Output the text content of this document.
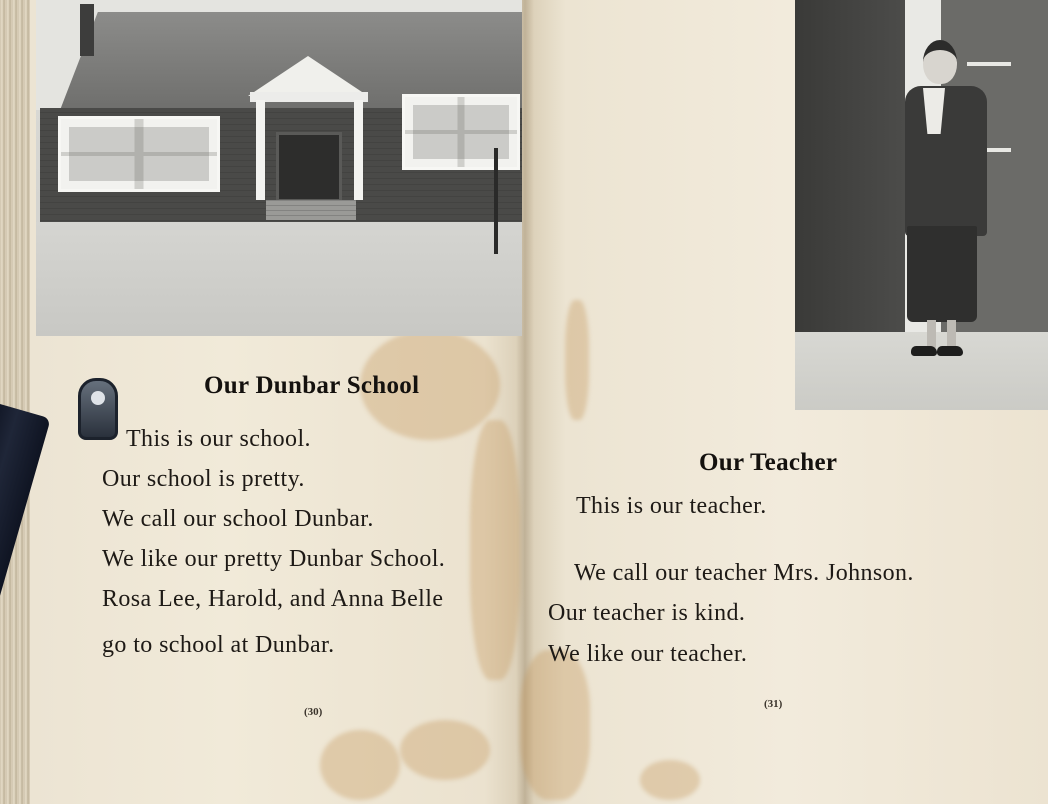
Our Dunbar School
This is our school.
Our school is pretty.
We call our school Dunbar.
We like our pretty Dunbar School.
Rosa Lee, Harold, and Anna Belle
go to school at Dunbar.
(30)
Our Teacher
This is our teacher.
We call our teacher Mrs. Johnson.
Our teacher is kind.
We like our teacher.
(31)
